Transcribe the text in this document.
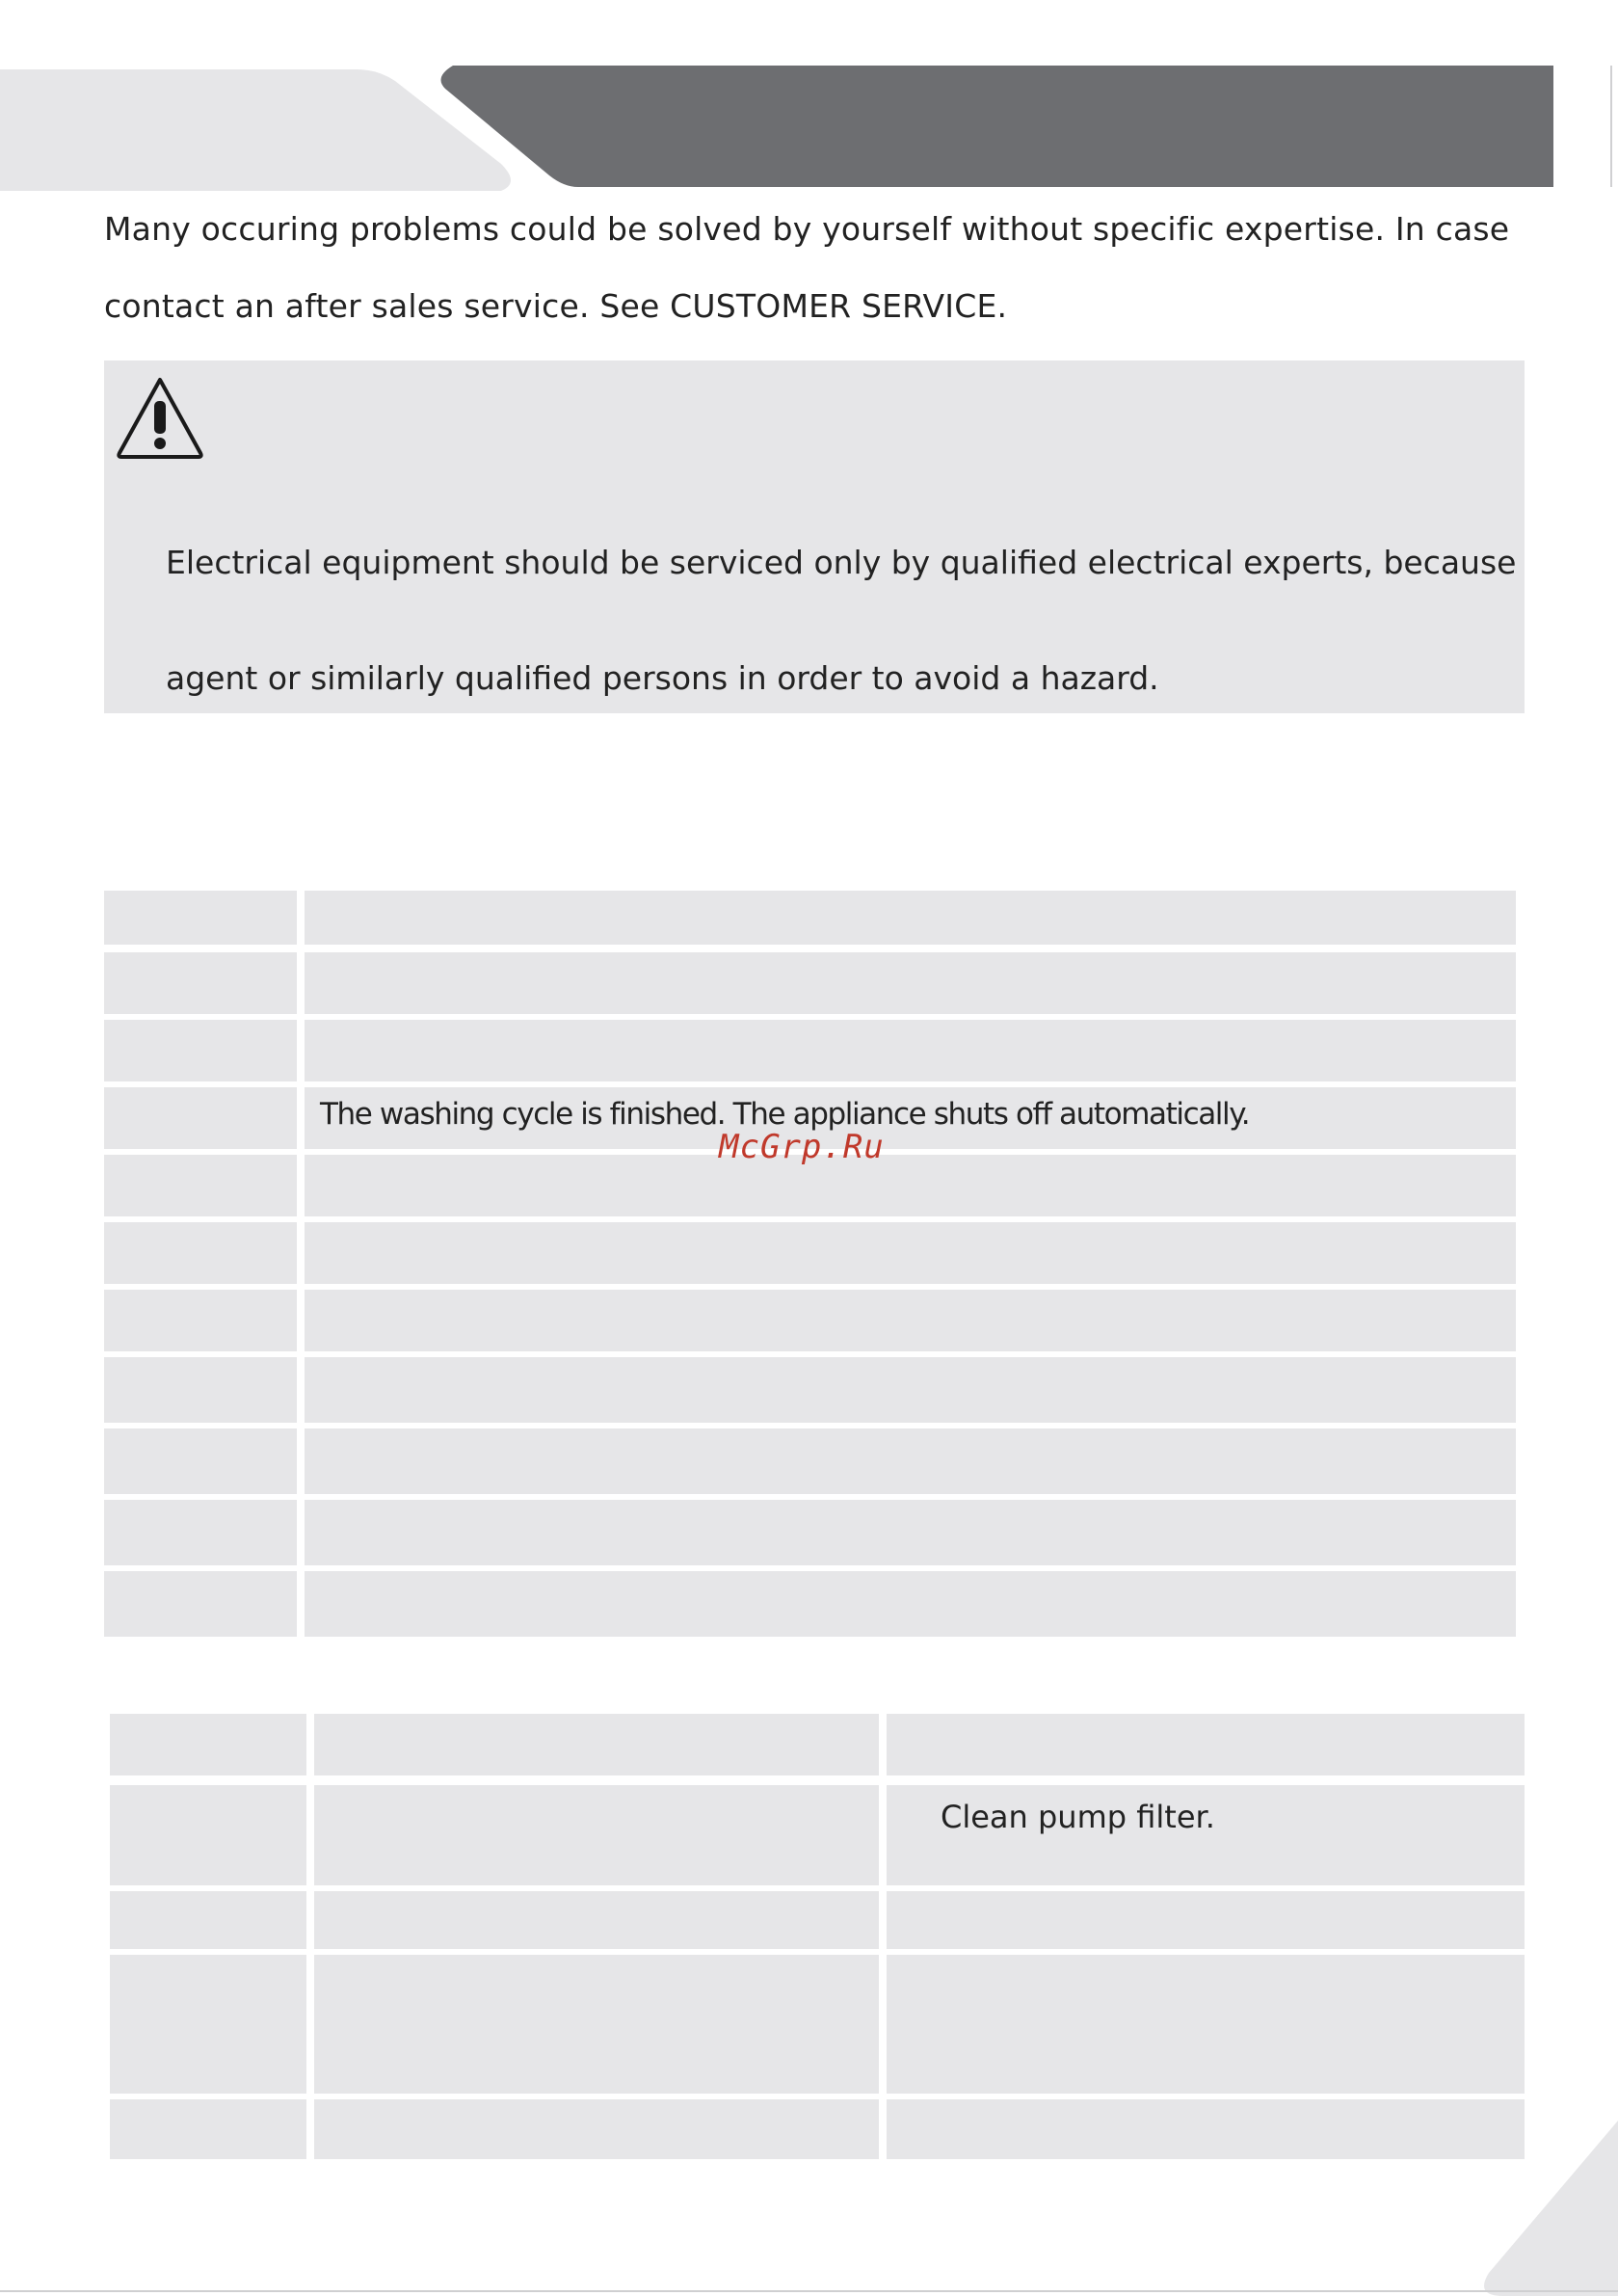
Many occuring problems could be solved by yourself without specific expertise. In case
contact an after sales service. See CUSTOMER SERVICE.
Electrical equipment should be serviced only by qualified electrical experts, because
agent or similarly qualified persons in order to avoid a hazard.
The washing cycle is finished. The appliance shuts off automatically.
McGrp.Ru
Clean pump filter.
